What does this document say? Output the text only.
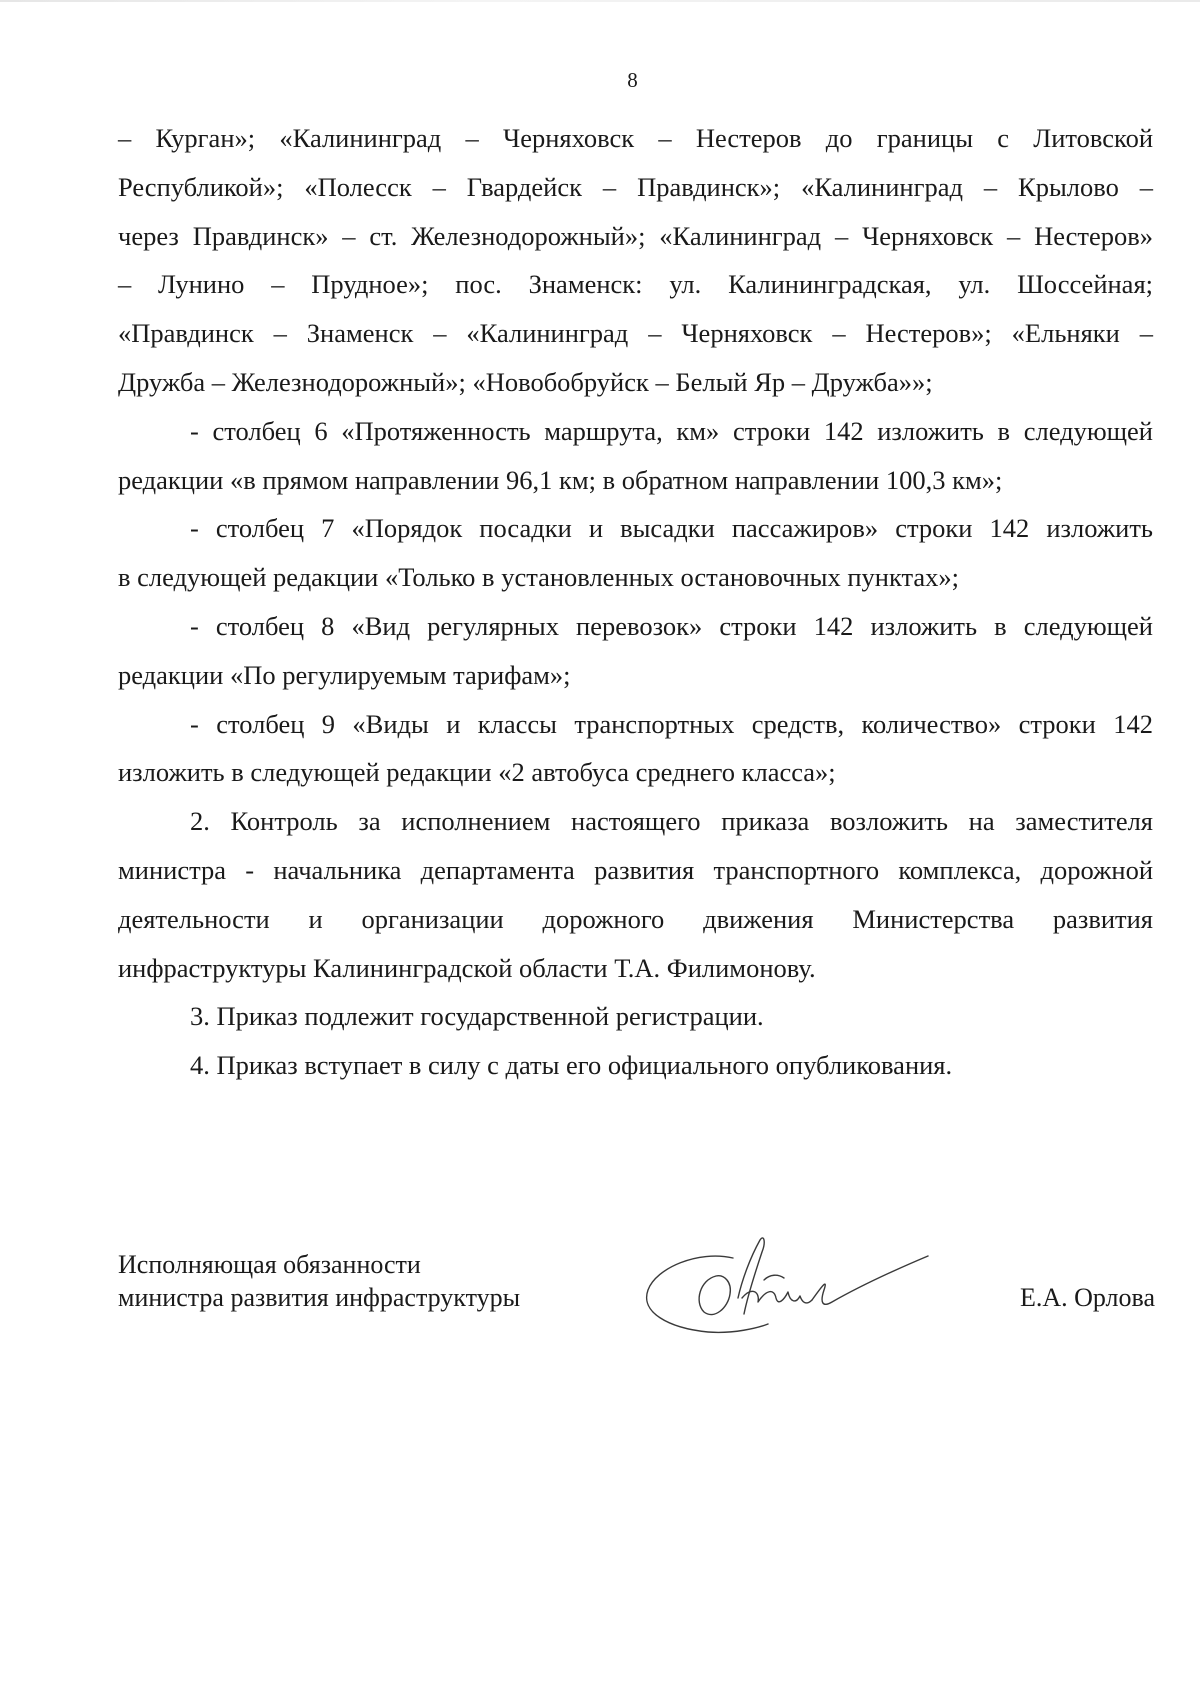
8
– Курган»; «Калининград – Черняховск – Нестеров до границы с Литовской
Республикой»; «Полесск – Гвардейск – Правдинск»; «Калининград – Крылово –
через Правдинск» – ст. Железнодорожный»; «Калининград – Черняховск – Нестеров»
– Лунино – Прудное»; пос. Знаменск: ул. Калининградская, ул. Шоссейная;
«Правдинск – Знаменск – «Калининград – Черняховск – Нестеров»; «Ельняки –
Дружба – Железнодорожный»; «Новобобруйск – Белый Яр – Дружба»»;
- столбец 6 «Протяженность маршрута, км» строки 142 изложить в следующей
редакции «в прямом направлении 96,1 км; в обратном направлении 100,3 км»;
- столбец 7 «Порядок посадки и высадки пассажиров» строки 142 изложить
в следующей редакции «Только в установленных остановочных пунктах»;
- столбец 8 «Вид регулярных перевозок» строки 142 изложить в следующей
редакции «По регулируемым тарифам»;
- столбец 9 «Виды и классы транспортных средств, количество» строки 142
изложить в следующей редакции «2 автобуса среднего класса»;
2. Контроль за исполнением настоящего приказа возложить на заместителя
министра - начальника департамента развития транспортного комплекса, дорожной
деятельности и организации дорожного движения Министерства развития
инфраструктуры Калининградской области Т.А. Филимонову.
3. Приказ подлежит государственной регистрации.
4. Приказ вступает в силу с даты его официального опубликования.
Исполняющая обязанности
министра развития инфраструктуры	Е.А. Орлова
